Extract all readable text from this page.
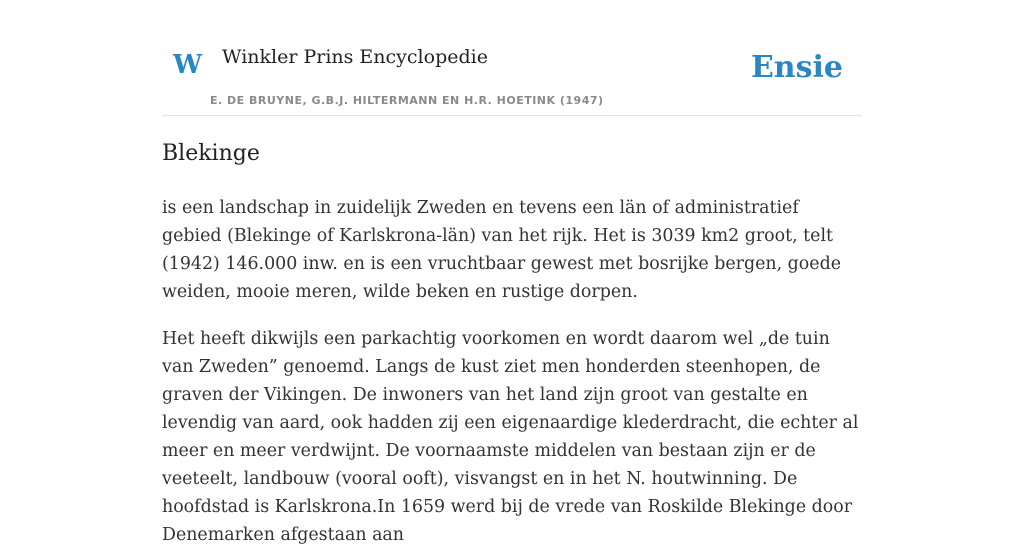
W Winkler Prins Encyclopedie
E. DE BRUYNE, G.B.J. HILTERMANN EN H.R. HOETINK (1947)
Ensie
Blekinge

is een landschap in zuidelijk Zweden en tevens een län of administratief gebied (Blekinge of Karlskrona-län) van het rijk. Het is 3039 km2 groot, telt (1942) 146.000 inw. en is een vruchtbaar gewest met bosrijke bergen, goede weiden, mooie meren, wilde beken en rustige dorpen.

Het heeft dikwijls een parkachtig voorkomen en wordt daarom wel „de tuin van Zweden” genoemd. Langs de kust ziet men honderden steenhopen, de graven der Vikingen. De inwoners van het land zijn groot van gestalte en levendig van aard, ook hadden zij een eigenaardige klederdracht, die echter al meer en meer verdwijnt. De voornaamste middelen van bestaan zijn er de veeteelt, landbouw (vooral ooft), visvangst en in het N. houtwinning. De hoofdstad is Karlskrona.In 1659 werd bij de vrede van Roskilde Blekinge door Denemarken afgestaan aan
